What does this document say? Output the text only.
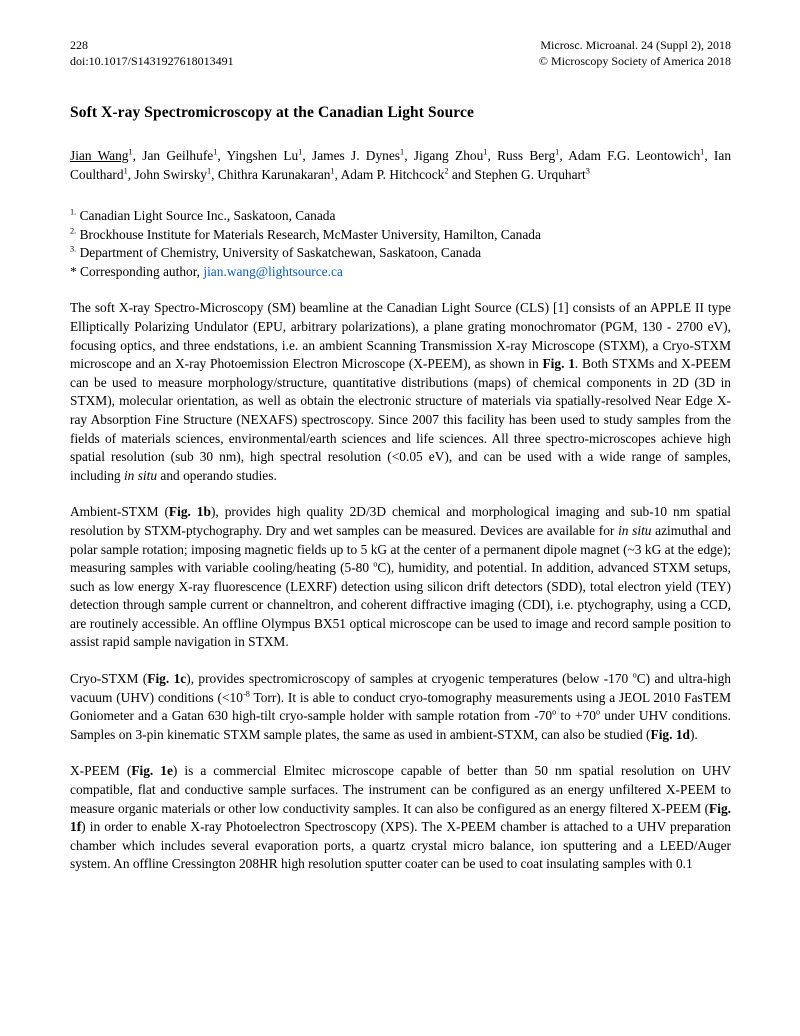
228
doi:10.1017/S1431927618013491
Microsc. Microanal. 24 (Suppl 2), 2018
© Microscopy Society of America 2018
Soft X-ray Spectromicroscopy at the Canadian Light Source
Jian Wang$^1$, Jan Geilhufe$^1$, Yingshen Lu$^1$, James J. Dynes$^1$, Jigang Zhou$^1$, Russ Berg$^1$, Adam F.G. Leontowich$^1$, Ian Coulthard$^1$, John Swirsky$^1$, Chithra Karunakaran$^1$, Adam P. Hitchcock$^2$ and Stephen G. Urquhart$^3$
$^{1.}$ Canadian Light Source Inc., Saskatoon, Canada
$^{2.}$ Brockhouse Institute for Materials Research, McMaster University, Hamilton, Canada
$^{3.}$ Department of Chemistry, University of Saskatchewan, Saskatoon, Canada
* Corresponding author, jian.wang@lightsource.ca

The soft X-ray Spectro-Microscopy (SM) beamline at the Canadian Light Source (CLS) [1] consists of an APPLE II type Elliptically Polarizing Undulator (EPU, arbitrary polarizations), a plane grating monochromator (PGM, 130 - 2700 eV), focusing optics, and three endstations, i.e. an ambient Scanning Transmission X-ray Microscope (STXM), a Cryo-STXM microscope and an X-ray Photoemission Electron Microscope (X-PEEM), as shown in Fig. 1. Both STXMs and X-PEEM can be used to measure morphology/structure, quantitative distributions (maps) of chemical components in 2D (3D in STXM), molecular orientation, as well as obtain the electronic structure of materials via spatially-resolved Near Edge X-ray Absorption Fine Structure (NEXAFS) spectroscopy. Since 2007 this facility has been used to study samples from the fields of materials sciences, environmental/earth sciences and life sciences. All three spectro-microscopes achieve high spatial resolution (sub 30 nm), high spectral resolution (<0.05 eV), and can be used with a wide range of samples, including in situ and operando studies.

Ambient-STXM (Fig. 1b), provides high quality 2D/3D chemical and morphological imaging and sub-10 nm spatial resolution by STXM-ptychography. Dry and wet samples can be measured. Devices are available for in situ azimuthal and polar sample rotation; imposing magnetic fields up to 5 kG at the center of a permanent dipole magnet (~3 kG at the edge); measuring samples with variable cooling/heating (5-80 $^o$C), humidity, and potential. In addition, advanced STXM setups, such as low energy X-ray fluorescence (LEXRF) detection using silicon drift detectors (SDD), total electron yield (TEY) detection through sample current or channeltron, and coherent diffractive imaging (CDI), i.e. ptychography, using a CCD, are routinely accessible. An offline Olympus BX51 optical microscope can be used to image and record sample position to assist rapid sample navigation in STXM.

Cryo-STXM (Fig. 1c), provides spectromicroscopy of samples at cryogenic temperatures (below -170 $^o$C) and ultra-high vacuum (UHV) conditions ($<10^{-8}$ Torr). It is able to conduct cryo-tomography measurements using a JEOL 2010 FasTEM Goniometer and a Gatan 630 high-tilt cryo-sample holder with sample rotation from -70$^o$ to $+70^o$ under UHV conditions. Samples on 3-pin kinematic STXM sample plates, the same as used in ambient-STXM, can also be studied (Fig. 1d).

X-PEEM (Fig. 1e) is a commercial Elmitec microscope capable of better than 50 nm spatial resolution on UHV compatible, flat and conductive sample surfaces. The instrument can be configured as an energy unfiltered X-PEEM to measure organic materials or other low conductivity samples. It can also be configured as an energy filtered X-PEEM (Fig. 1f) in order to enable X-ray Photoelectron Spectroscopy (XPS). The X-PEEM chamber is attached to a UHV preparation chamber which includes several evaporation ports, a quartz crystal micro balance, ion sputtering and a LEED/Auger system. An offline Cressington 208HR high resolution sputter coater can be used to coat insulating samples with 0.1
